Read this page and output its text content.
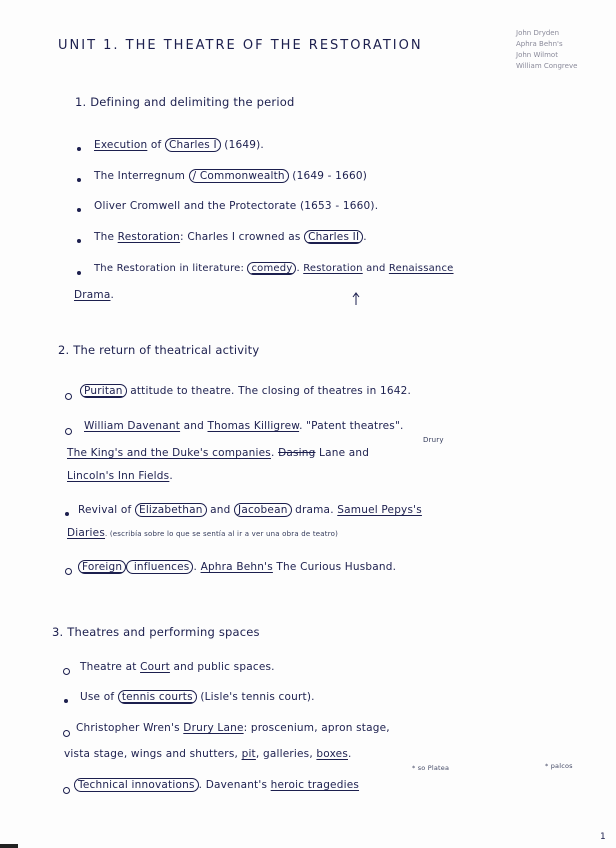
UNIT 1. THE THEATRE OF THE RESTORATION
John Dryden
Aphra Behn's
John Wilmot
William Congreve
1. Defining and delimiting the period
Execution of Charles I (1649).
The Interregnum / Commonwealth (1649 - 1660)
Oliver Cromwell and the Protectorate (1653 - 1660).
The Restoration: Charles I crowned as Charles II .
The Restoration in literature: comedy . Restoration and Renaissance
Drama.
2. The return of theatrical activity
Puritan attitude to theatre. The closing of theatres in 1642.
William Davenant and Thomas Killigrew. "Patent theatres".
Drury
The King's and the Duke's companies. Dasing Lane and
Lincoln's Inn Fields.
Revival of Elizabethan and Jacobean drama. Samuel Pepys's
Diaries. (escribía sobre lo que se sentía al ir a ver una obra de teatro)
Foreign influences . Aphra Behn's The Curious Husband.
3. Theatres and performing spaces
Theatre at Court and public spaces.
Use of tennis courts (Lisle's tennis court).
Christopher Wren's Drury Lane: proscenium, apron stage,
vista stage, wings and shutters, pit, galleries, boxes.
* so Platea	* palcos
Technical innovations . Davenant's heroic tragedies
1
